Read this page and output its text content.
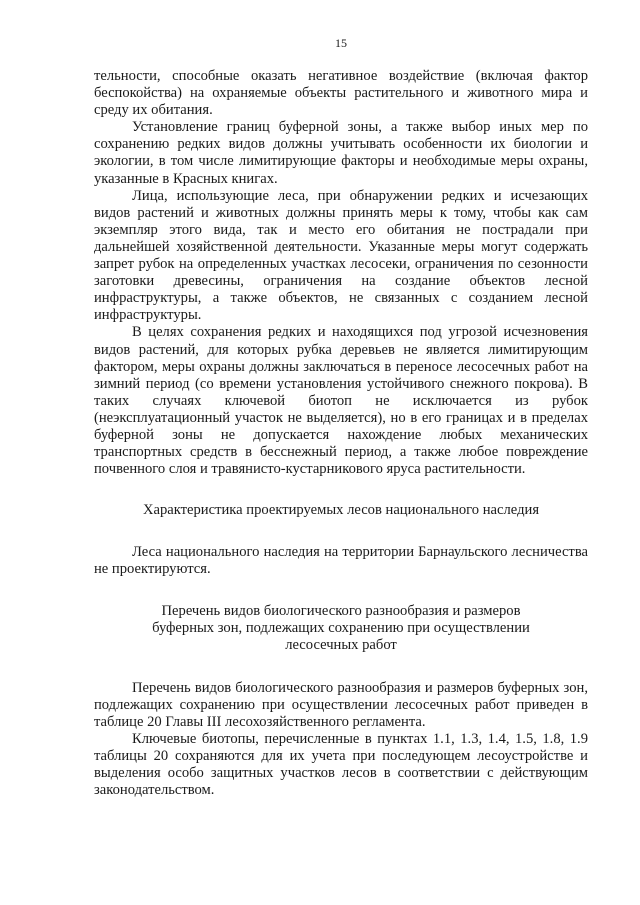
15

тельности, способные оказать негативное воздействие (включая фактор беспокойства) на охраняемые объекты растительного и животного мира и среду их обитания.

Установление границ буферной зоны, а также выбор иных мер по сохранению редких видов должны учитывать особенности их биологии и экологии, в том числе лимитирующие факторы и необходимые меры охраны, указанные в Красных книгах.

Лица, использующие леса, при обнаружении редких и исчезающих видов растений и животных должны принять меры к тому, чтобы как сам экземпляр этого вида, так и место его обитания не пострадали при дальнейшей хозяйственной деятельности. Указанные меры могут содержать запрет рубок на определенных участках лесосеки, ограничения по сезонности заготовки древесины, ограничения на создание объектов лесной инфраструктуры, а также объектов, не связанных с созданием лесной инфраструктуры.

В целях сохранения редких и находящихся под угрозой исчезновения видов растений, для которых рубка деревьев не является лимитирующим фактором, меры охраны должны заключаться в переносе лесосечных работ на зимний период (со времени установления устойчивого снежного покрова). В таких случаях ключевой биотоп не исключается из рубок (неэксплуатационный участок не выделяется), но в его границах и в пределах буферной зоны не допускается нахождение любых механических транспортных средств в бесснежный период, а также любое повреждение почвенного слоя и травянисто-кустарникового яруса растительности.

Характеристика проектируемых лесов национального наследия

Леса национального наследия на территории Барнаульского лесничества не проектируются.

Перечень видов биологического разнообразия и размеров
буферных зон, подлежащих сохранению при осуществлении
лесосечных работ

Перечень видов биологического разнообразия и размеров буферных зон, подлежащих сохранению при осуществлении лесосечных работ приведен в таблице 20 Главы III лесохозяйственного регламента.

Ключевые биотопы, перечисленные в пунктах 1.1, 1.3, 1.4, 1.5, 1.8, 1.9 таблицы 20 сохраняются для их учета при последующем лесоустройстве и выделения особо защитных участков лесов в соответствии с действующим законодательством.
